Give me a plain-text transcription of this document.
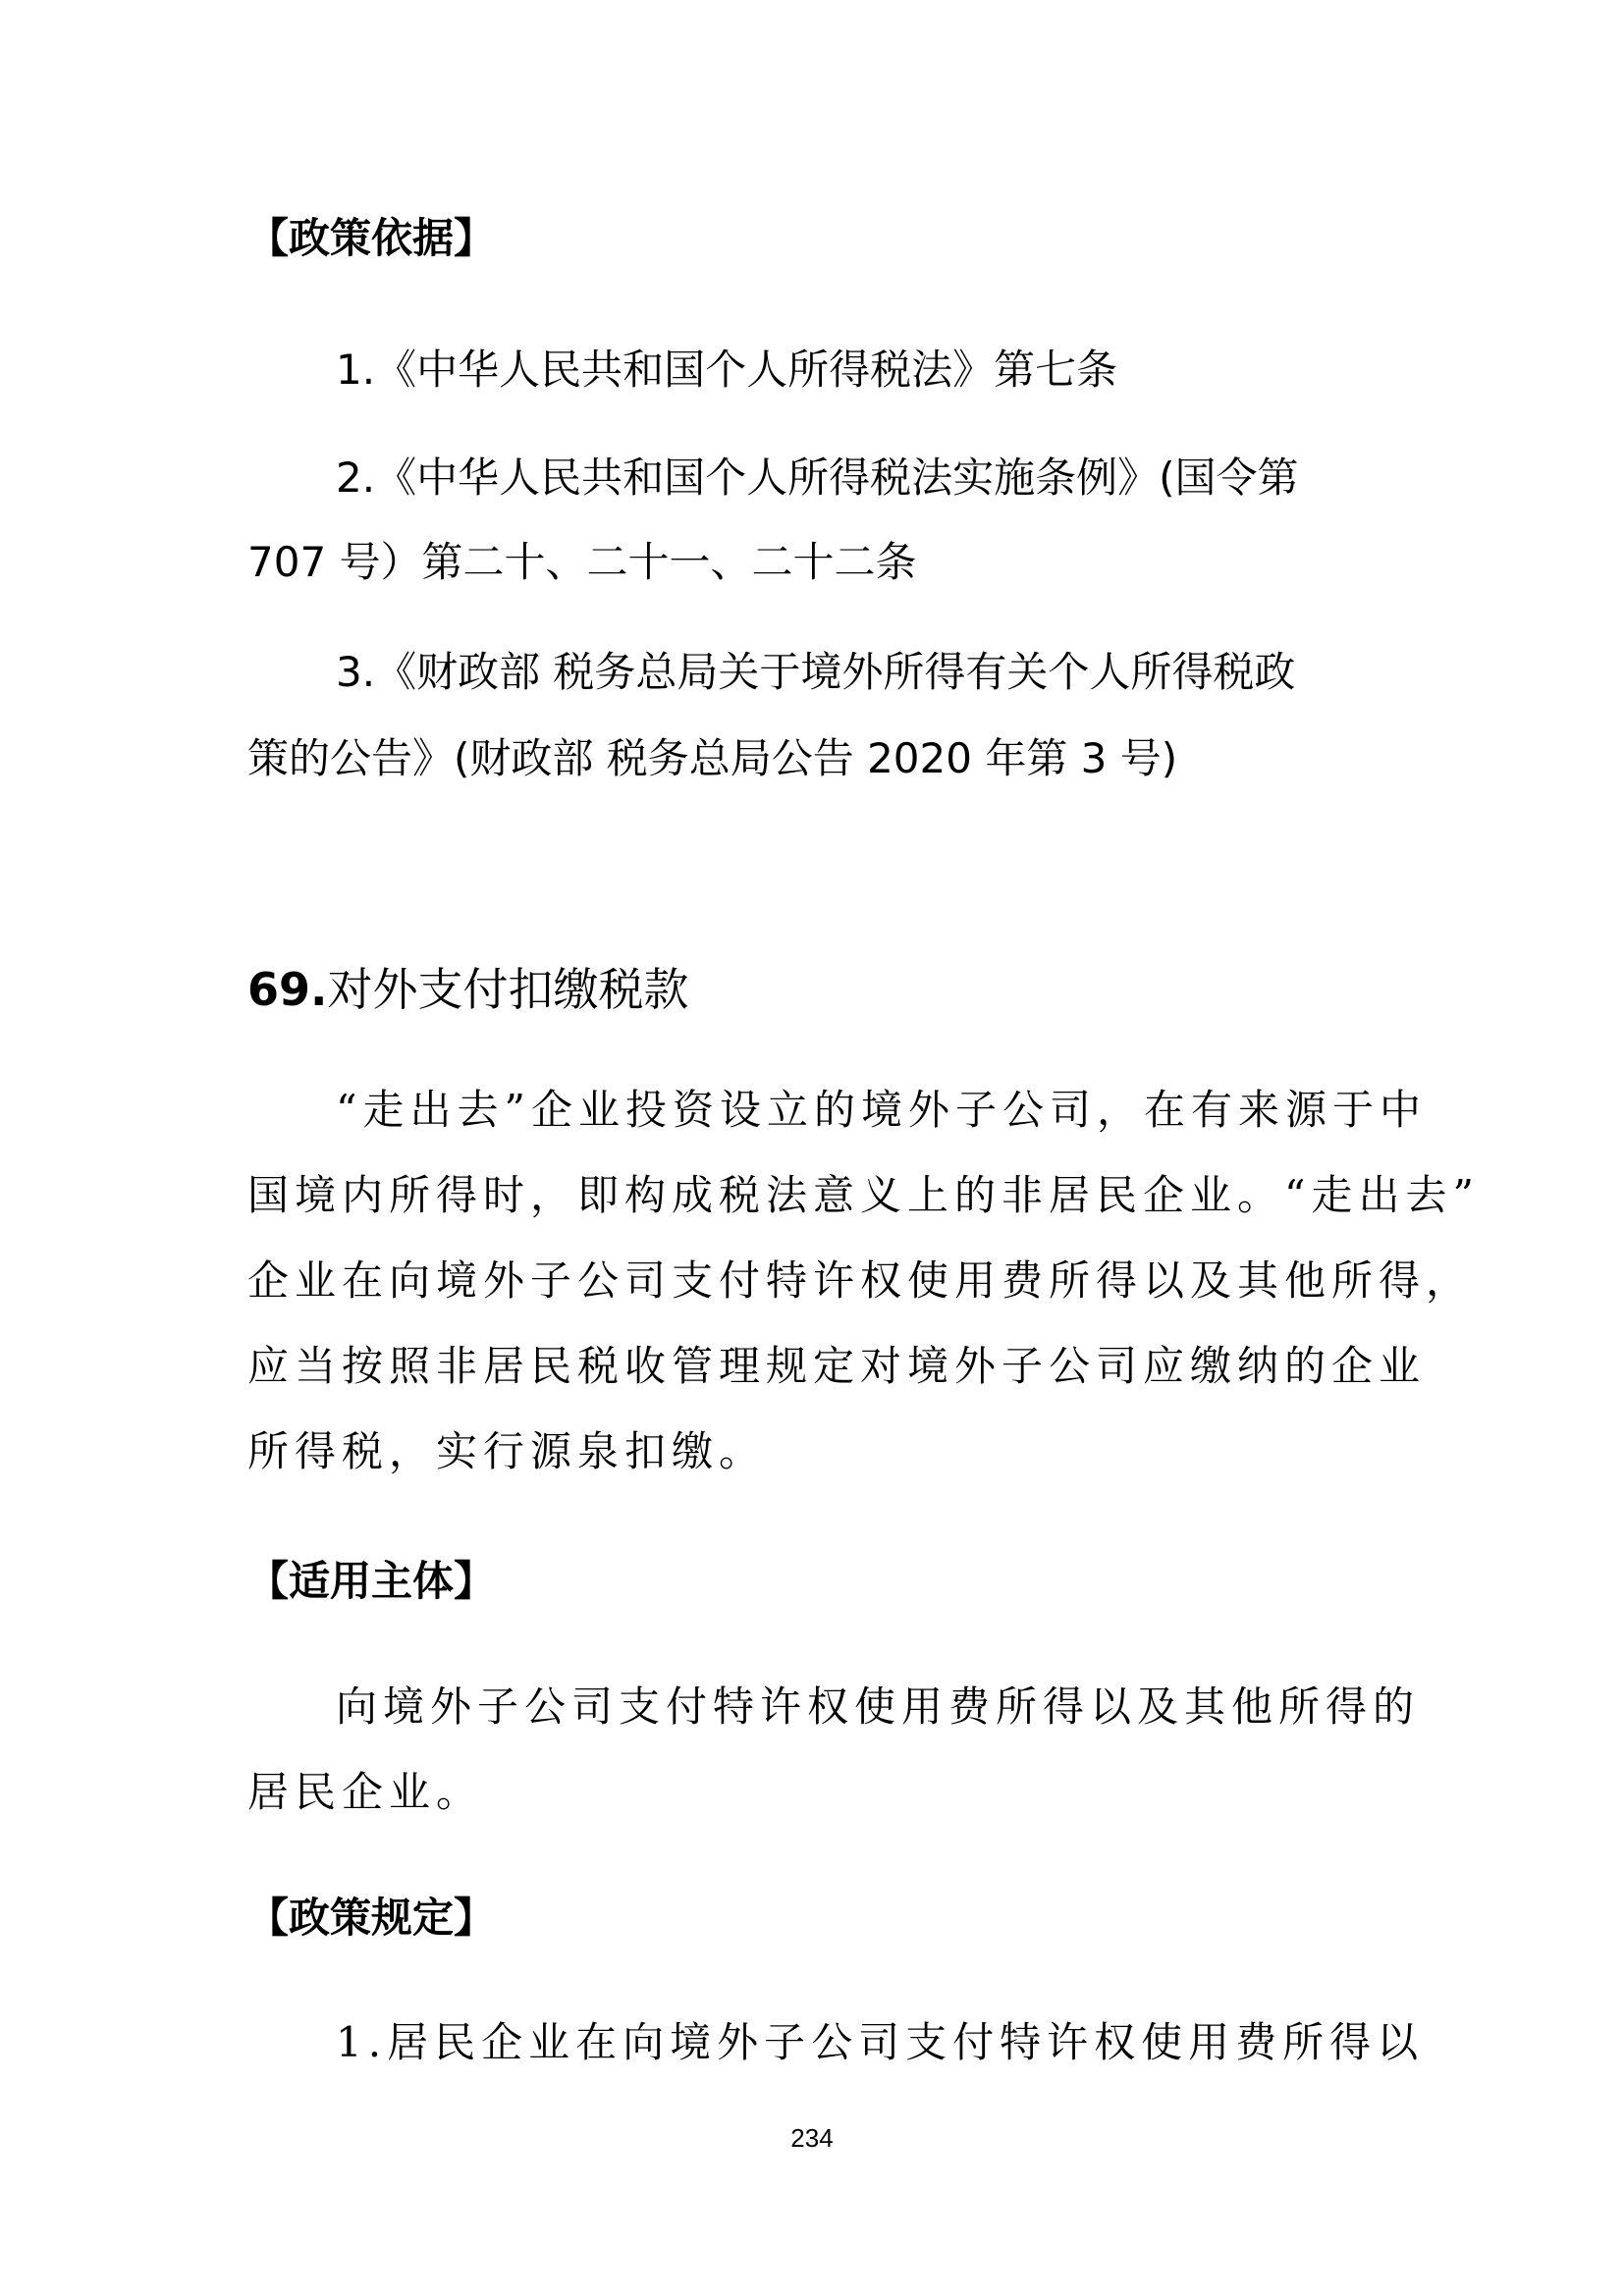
【政策依据】
1.《中华人民共和国个人所得税法》第七条
2.《中华人民共和国个人所得税法实施条例》(国令第
707 号）第二十、二十一、二十二条
3.《财政部 税务总局关于境外所得有关个人所得税政
策的公告》(财政部 税务总局公告 2020 年第 3 号)
69.对外支付扣缴税款
“走出去”企业投资设立的境外子公司，在有来源于中
国境内所得时，即构成税法意义上的非居民企业。“走出去”
企业在向境外子公司支付特许权使用费所得以及其他所得，
应当按照非居民税收管理规定对境外子公司应缴纳的企业
所得税，实行源泉扣缴。
【适用主体】
向境外子公司支付特许权使用费所得以及其他所得的
居民企业。
【政策规定】
1.居民企业在向境外子公司支付特许权使用费所得以
234
